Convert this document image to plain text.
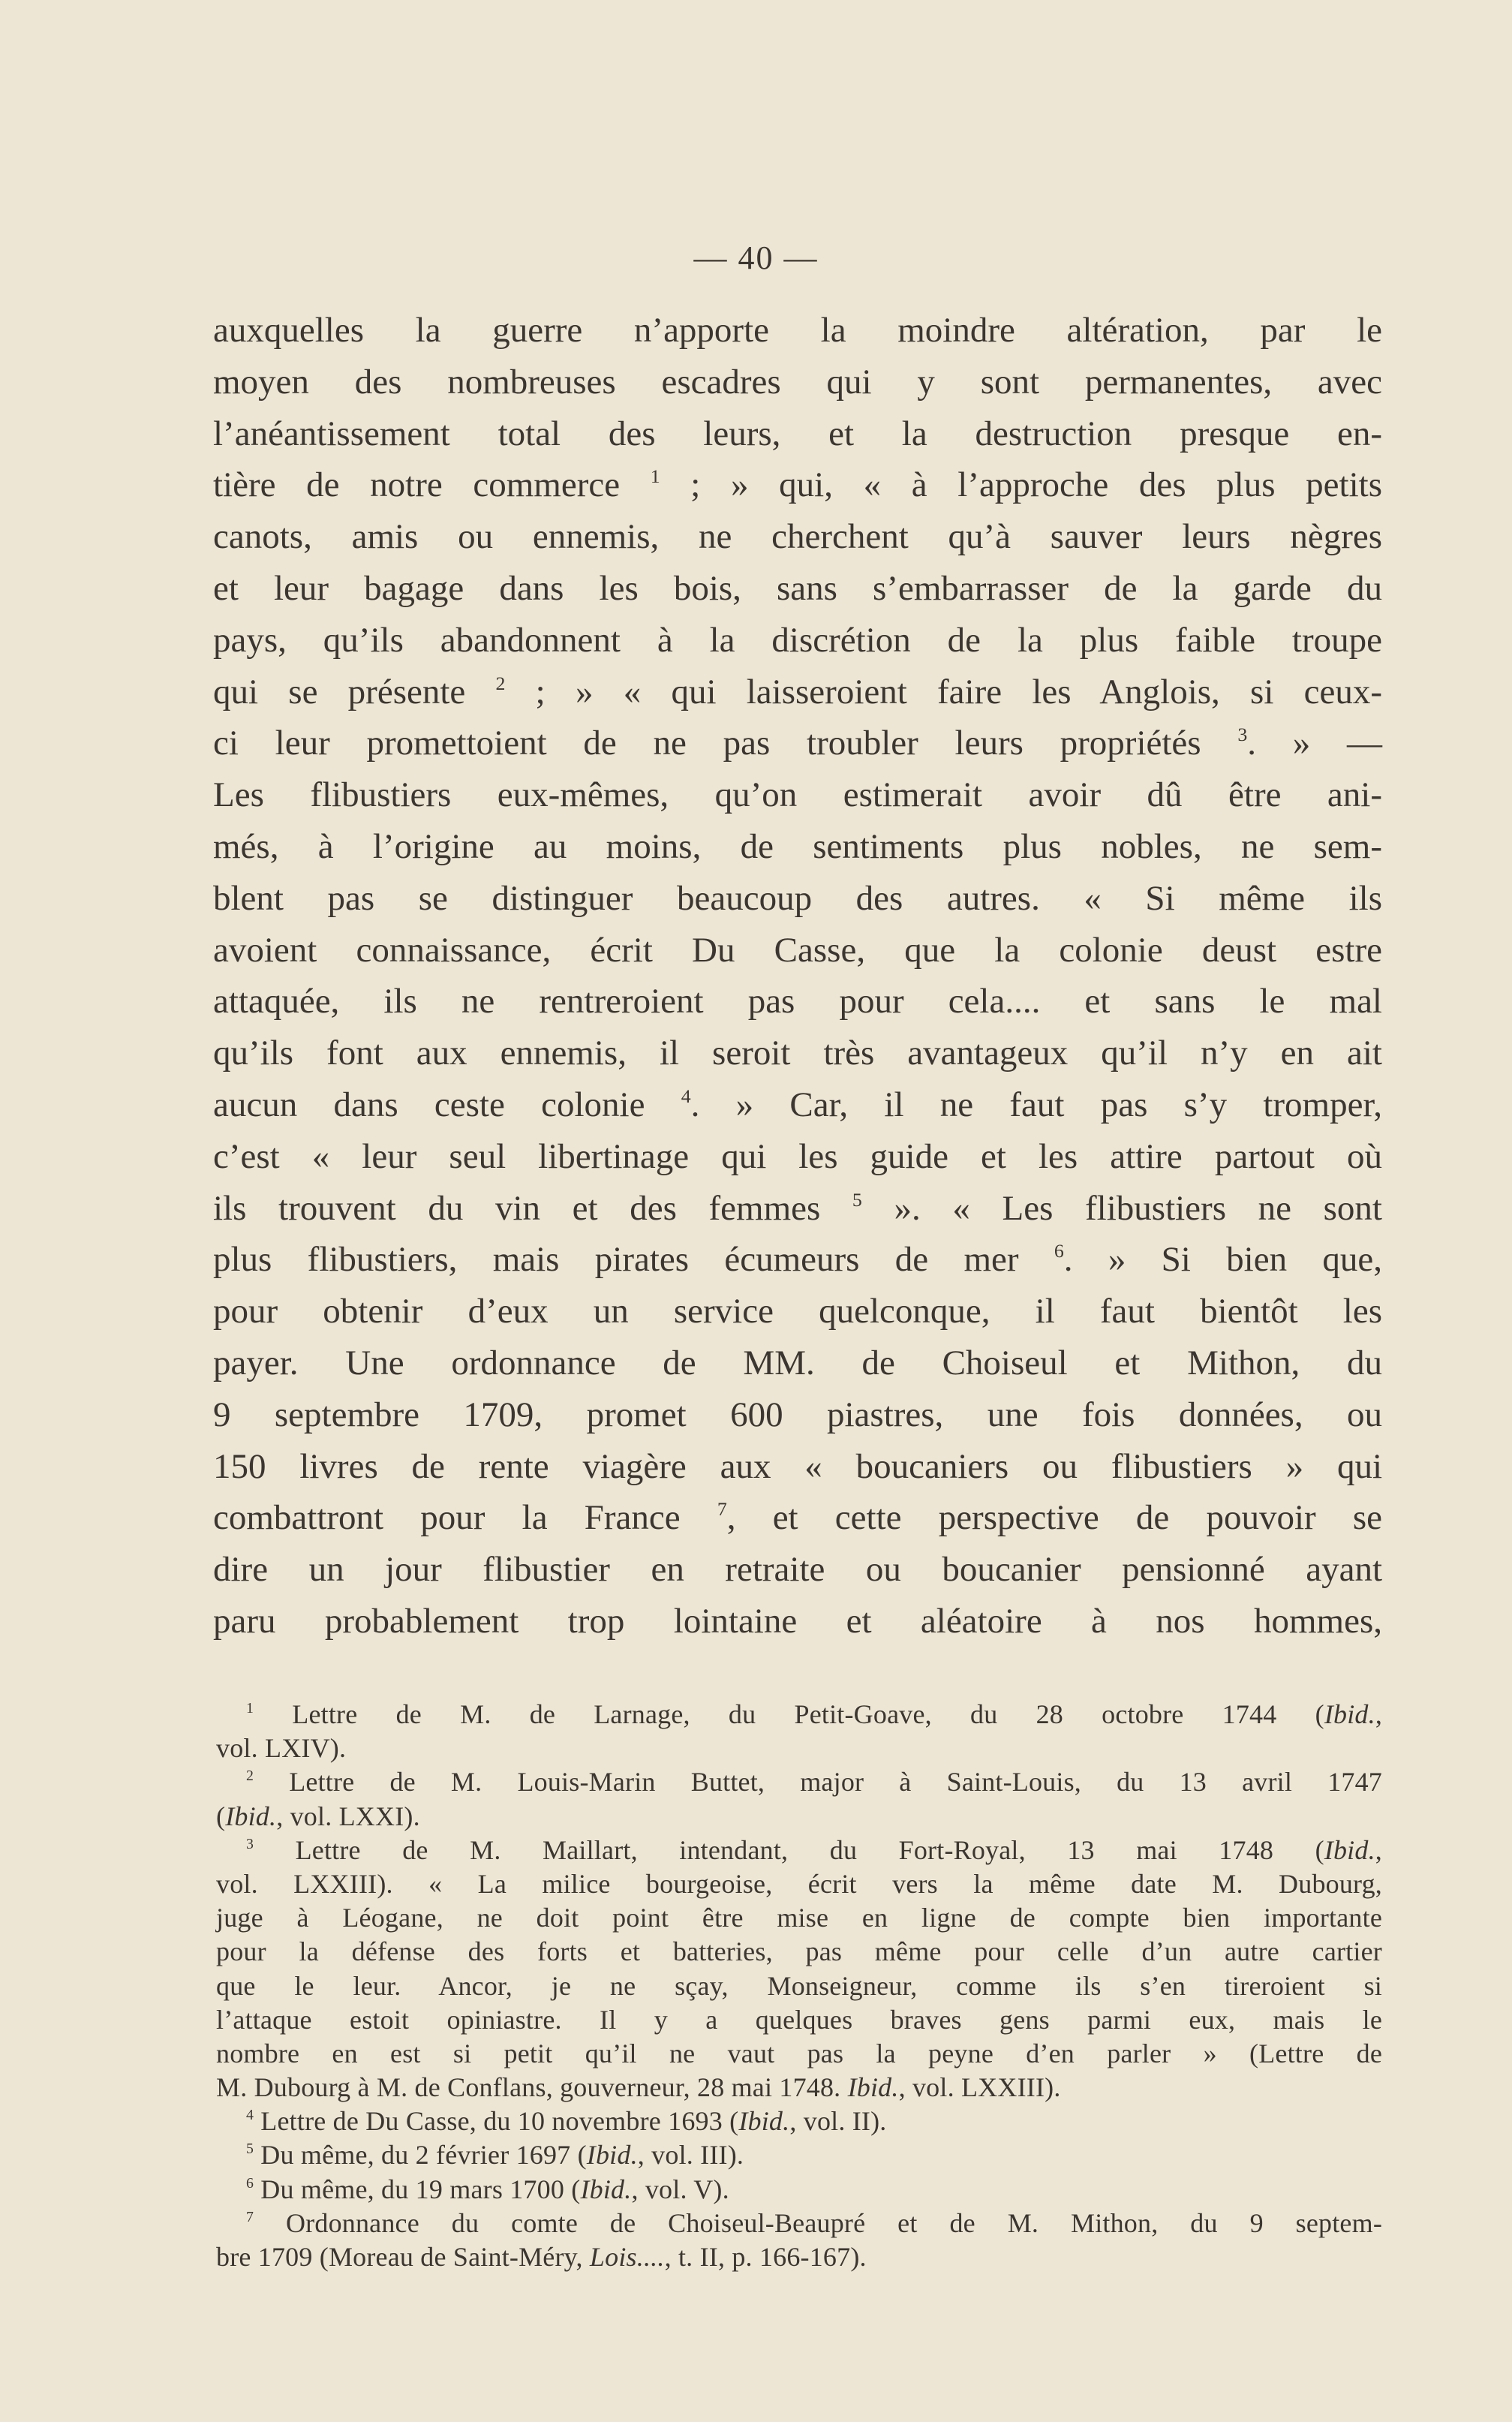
— 40 —
auxquelles la guerre n’apporte la moindre altération, par le
moyen des nombreuses escadres qui y sont permanentes, avec
l’anéantissement total des leurs, et la destruction presque en-
tière de notre commerce $^1$ ; » qui, « à l’approche des plus petits
canots, amis ou ennemis, ne cherchent qu’à sauver leurs nègres
et leur bagage dans les bois, sans s’embarrasser de la garde du
pays, qu’ils abandonnent à la discrétion de la plus faible troupe
qui se présente $^2$ ; » « qui laisseroient faire les Anglois, si ceux-
ci leur promettoient de ne pas troubler leurs propriétés $^3$. » —
Les flibustiers eux-mêmes, qu’on estimerait avoir dû être ani-
més, à l’origine au moins, de sentiments plus nobles, ne sem-
blent pas se distinguer beaucoup des autres. « Si même ils
avoient connaissance, écrit Du Casse, que la colonie deust estre
attaquée, ils ne rentreroient pas pour cela.... et sans le mal
qu’ils font aux ennemis, il seroit très avantageux qu’il n’y en ait
aucun dans ceste colonie $^4$. » Car, il ne faut pas s’y tromper,
c’est « leur seul libertinage qui les guide et les attire partout où
ils trouvent du vin et des femmes $^5$ ». « Les flibustiers ne sont
plus flibustiers, mais pirates écumeurs de mer $^6$. » Si bien que,
pour obtenir d’eux un service quelconque, il faut bientôt les
payer. Une ordonnance de MM. de Choiseul et Mithon, du
9 septembre 1709, promet 600 piastres, une fois données, ou
150 livres de rente viagère aux « boucaniers ou flibustiers » qui
combattront pour la France $^7$, et cette perspective de pouvoir se
dire un jour flibustier en retraite ou boucanier pensionné ayant
paru probablement trop lointaine et aléatoire à nos hommes,
$^1$ Lettre de M. de Larnage, du Petit-Goave, du 28 octobre 1744 (Ibid.,
vol. LXIV).
$^2$ Lettre de M. Louis-Marin Buttet, major à Saint-Louis, du 13 avril 1747
(Ibid., vol. LXXI).
$^3$ Lettre de M. Maillart, intendant, du Fort-Royal, 13 mai 1748 (Ibid.,
vol. LXXIII). « La milice bourgeoise, écrit vers la même date M. Dubourg,
juge à Léogane, ne doit point être mise en ligne de compte bien importante
pour la défense des forts et batteries, pas même pour celle d’un autre cartier
que le leur. Ancor, je ne sçay, Monseigneur, comme ils s’en tireroient si
l’attaque estoit opiniastre. Il y a quelques braves gens parmi eux, mais le
nombre en est si petit qu’il ne vaut pas la peyne d’en parler » (Lettre de
M. Dubourg à M. de Conflans, gouverneur, 28 mai 1748. Ibid., vol. LXXIII).
$^4$ Lettre de Du Casse, du 10 novembre 1693 (Ibid., vol. II).
$^5$ Du même, du 2 février 1697 (Ibid., vol. III).
$^6$ Du même, du 19 mars 1700 (Ibid., vol. V).
$^7$ Ordonnance du comte de Choiseul-Beaupré et de M. Mithon, du 9 septem-
bre 1709 (Moreau de Saint-Méry, Lois...., t. II, p. 166-167).
